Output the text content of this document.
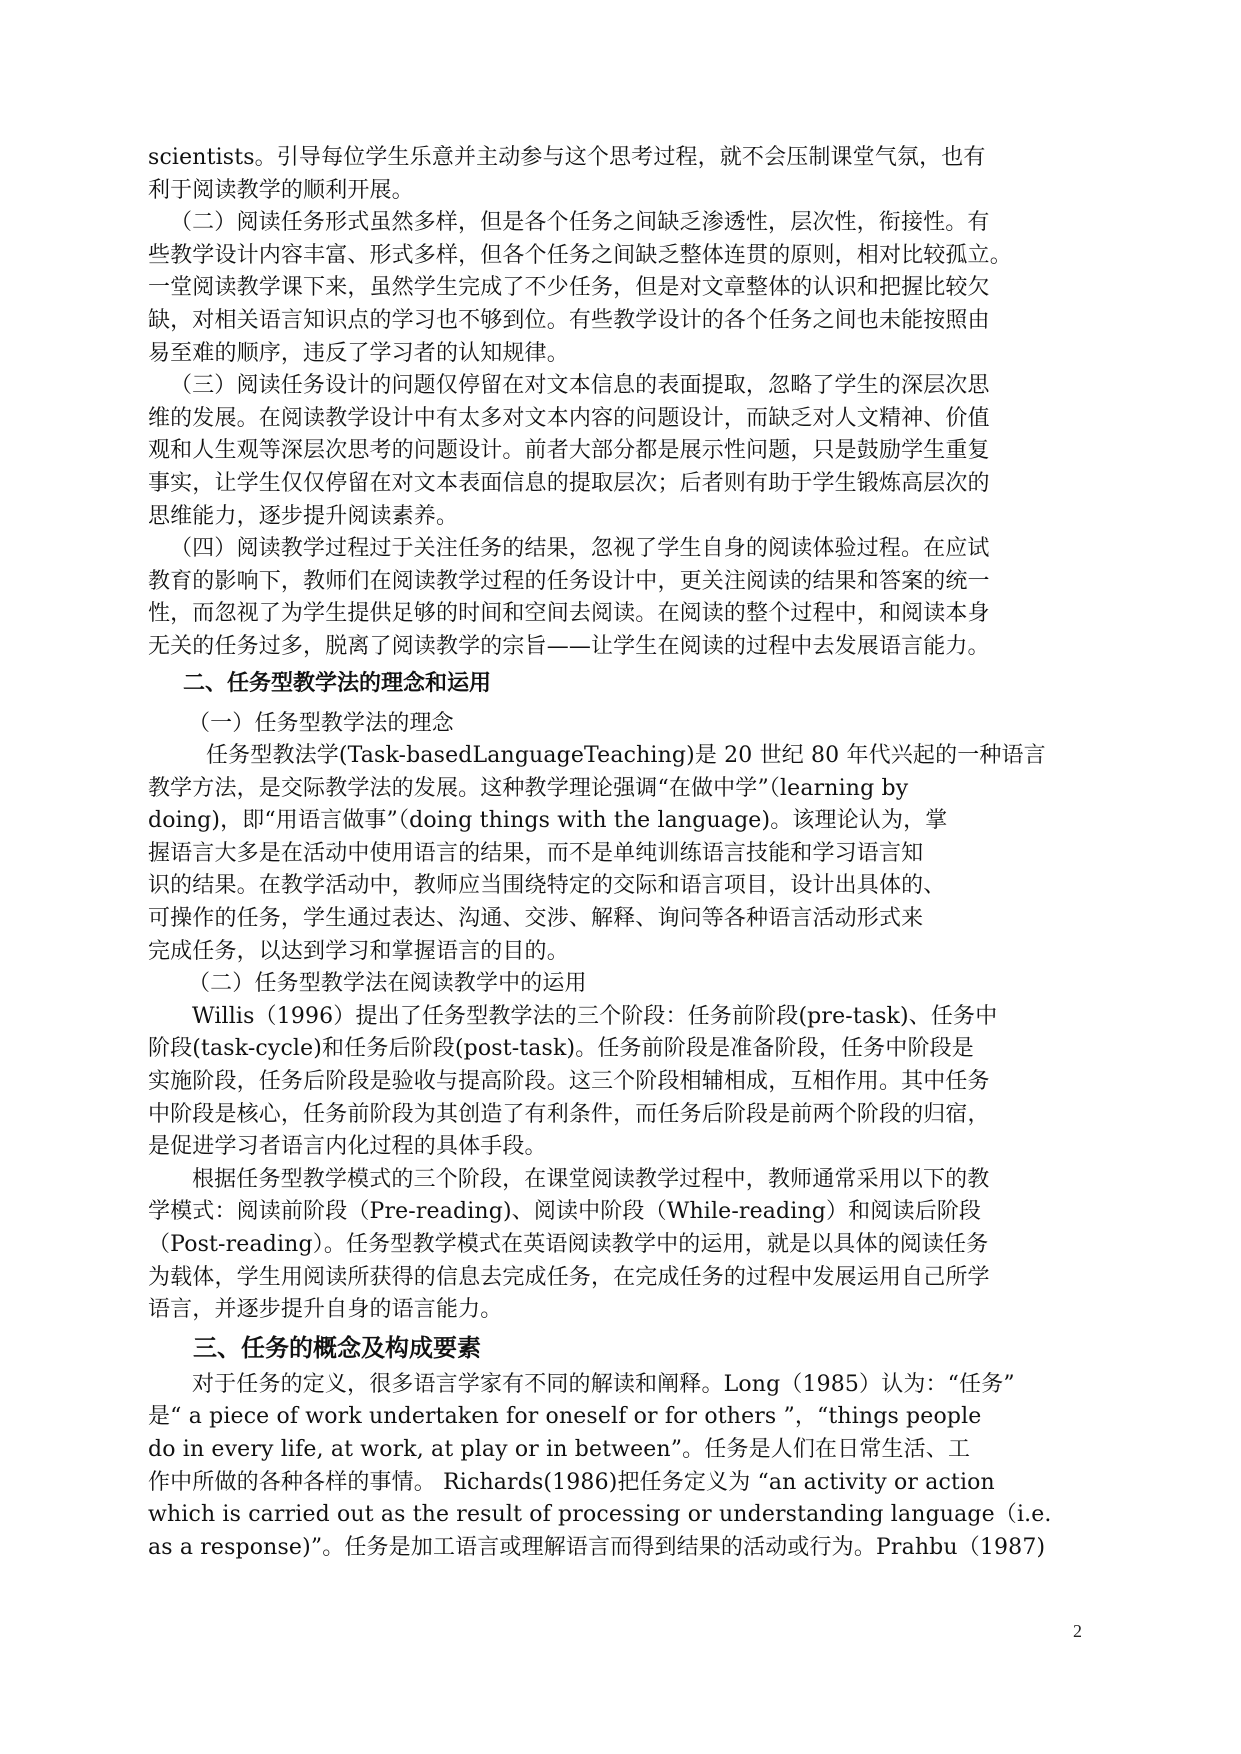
scientists。引导每位学生乐意并主动参与这个思考过程，就不会压制课堂气氛，也有
利于阅读教学的顺利开展。
（二）阅读任务形式虽然多样，但是各个任务之间缺乏渗透性，层次性，衔接性。有
些教学设计内容丰富、形式多样，但各个任务之间缺乏整体连贯的原则，相对比较孤立。
一堂阅读教学课下来，虽然学生完成了不少任务，但是对文章整体的认识和把握比较欠
缺，对相关语言知识点的学习也不够到位。有些教学设计的各个任务之间也未能按照由
易至难的顺序，违反了学习者的认知规律。
（三）阅读任务设计的问题仅停留在对文本信息的表面提取，忽略了学生的深层次思
维的发展。在阅读教学设计中有太多对文本内容的问题设计，而缺乏对人文精神、价值
观和人生观等深层次思考的问题设计。前者大部分都是展示性问题，只是鼓励学生重复
事实，让学生仅仅停留在对文本表面信息的提取层次；后者则有助于学生锻炼高层次的
思维能力，逐步提升阅读素养。
（四）阅读教学过程过于关注任务的结果，忽视了学生自身的阅读体验过程。在应试
教育的影响下，教师们在阅读教学过程的任务设计中，更关注阅读的结果和答案的统一
性，而忽视了为学生提供足够的时间和空间去阅读。在阅读的整个过程中，和阅读本身
无关的任务过多，脱离了阅读教学的宗旨——让学生在阅读的过程中去发展语言能力。
二、任务型教学法的理念和运用
（一）任务型教学法的理念
任务型教法学(Task-basedLanguageTeaching)是 20 世纪 80 年代兴起的一种语言
教学方法，是交际教学法的发展。这种教学理论强调“在做中学”（learning by
doing)，即“用语言做事”（doing things with the language)。该理论认为，掌
握语言大多是在活动中使用语言的结果，而不是单纯训练语言技能和学习语言知
识的结果。在教学活动中，教师应当围绕特定的交际和语言项目，设计出具体的、
可操作的任务，学生通过表达、沟通、交涉、解释、询问等各种语言活动形式来
完成任务，以达到学习和掌握语言的目的。
（二）任务型教学法在阅读教学中的运用
Willis（1996）提出了任务型教学法的三个阶段：任务前阶段(pre-task)、任务中
阶段(task-cycle)和任务后阶段(post-task)。任务前阶段是准备阶段，任务中阶段是
实施阶段，任务后阶段是验收与提高阶段。这三个阶段相辅相成，互相作用。其中任务
中阶段是核心，任务前阶段为其创造了有利条件，而任务后阶段是前两个阶段的归宿，
是促进学习者语言内化过程的具体手段。
根据任务型教学模式的三个阶段，在课堂阅读教学过程中，教师通常采用以下的教
学模式：阅读前阶段（Pre-reading)、阅读中阶段（While-reading）和阅读后阶段
（Post-reading）。任务型教学模式在英语阅读教学中的运用，就是以具体的阅读任务
为载体，学生用阅读所获得的信息去完成任务，在完成任务的过程中发展运用自己所学
语言，并逐步提升自身的语言能力。
三、任务的概念及构成要素
对于任务的定义，很多语言学家有不同的解读和阐释。Long（1985）认为：“任务”
是“ a piece of work undertaken for oneself or for others ”，“things people
do in every life, at work, at play or in between”。任务是人们在日常生活、工
作中所做的各种各样的事情。 Richards(1986)把任务定义为 “an activity or action
which is carried out as the result of processing or understanding language（i.e.
as a response)”。任务是加工语言或理解语言而得到结果的活动或行为。Prahbu（1987)
2
